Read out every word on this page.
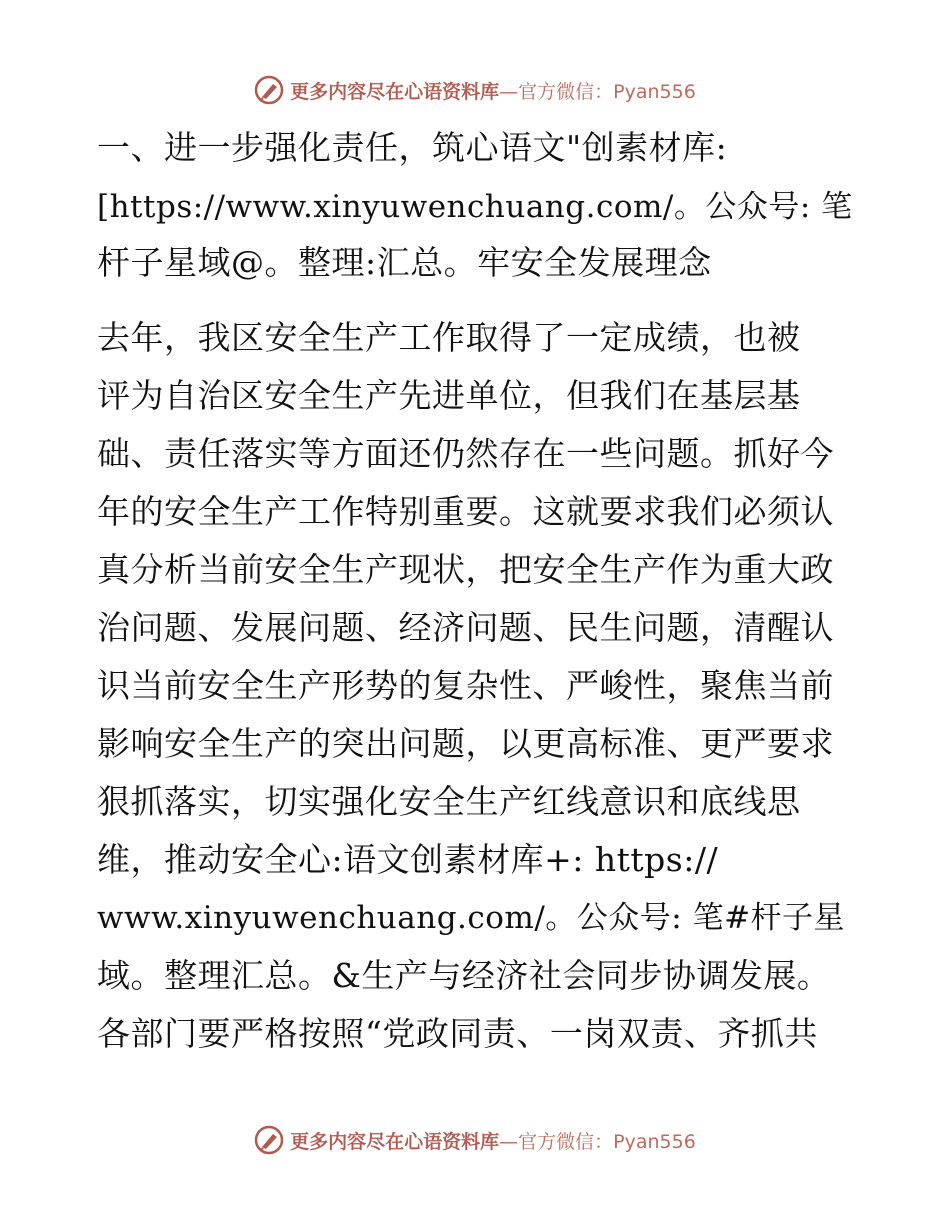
更多内容尽在心语资料库—官方微信：Pyan556
一、进一步强化责任，筑心语文"创素材库:
[https://www.xinyuwenchuang.com/。公众号: 笔
杆子星域@。整理:汇总。牢安全发展理念
去年，我区安全生产工作取得了一定成绩，也被
评为自治区安全生产先进单位，但我们在基层基
础、责任落实等方面还仍然存在一些问题。抓好今
年的安全生产工作特别重要。这就要求我们必须认
真分析当前安全生产现状，把安全生产作为重大政
治问题、发展问题、经济问题、民生问题，清醒认
识当前安全生产形势的复杂性、严峻性，聚焦当前
影响安全生产的突出问题，以更高标准、更严要求
狠抓落实，切实强化安全生产红线意识和底线思
维，推动安全心:语文创素材库+: https://
www.xinyuwenchuang.com/。公众号: 笔#杆子星
域。整理汇总。&生产与经济社会同步协调发展。
各部门要严格按照“党政同责、一岗双责、齐抓共
更多内容尽在心语资料库—官方微信：Pyan556
